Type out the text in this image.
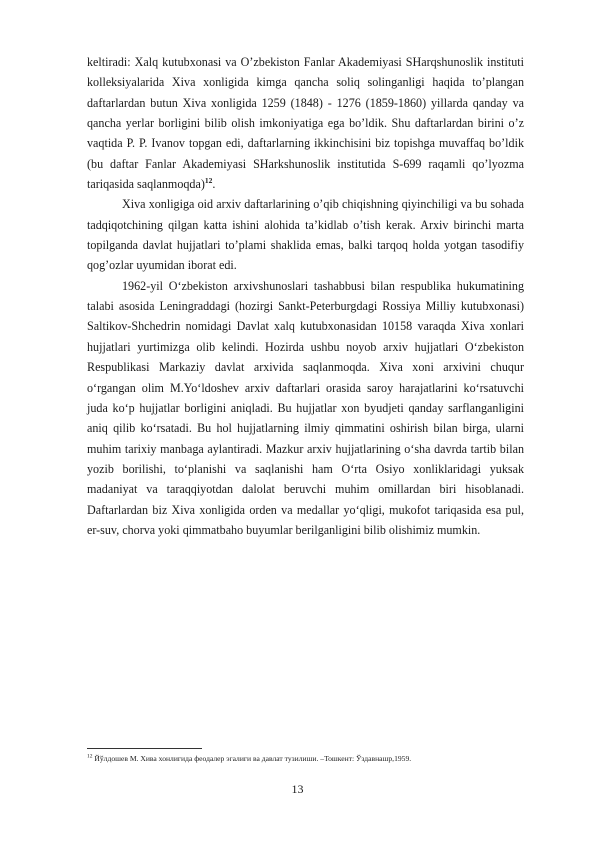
keltiradi: Xalq kutubxonasi va O’zbekiston Fanlar Akademiyasi SHarqshunoslik instituti kolleksiyalarida Xiva xonligida kimga qancha soliq solinganligi haqida to’plangan daftarlardan butun Xiva xonligida 1259 (1848) - 1276 (1859-1860) yillarda qanday va qancha yerlar borligini bilib olish imkoniyatiga ega bo’ldik. Shu daftarlardan birini o’z vaqtida P. P. Ivanov topgan edi, daftarlarning ikkinchisini biz topishga muvaffaq bo’ldik (bu daftar Fanlar Akademiyasi SHarkshunoslik institutida S-699 raqamli qo’lyozma tariqasida saqlanmoqda)$^{12}$.

Xiva xonligiga oid arxiv daftarlarining o’qib chiqishning qiyinchiligi va bu sohada tadqiqotchining qilgan katta ishini alohida ta’kidlab o’tish kerak. Arxiv birinchi marta topilganda davlat hujjatlari to’plami shaklida emas, balki tarqoq holda yotgan tasodifiy qog’ozlar uyumidan iborat edi.

1962-yil O‘zbekiston arxivshunoslari tashabbusi bilan respublika hukumatining talabi asosida Leningraddagi (hozirgi Sankt-Peterburgdagi Rossiya Milliy kutubxonasi) Saltikov-Shchedrin nomidagi Davlat xalq kutubxonasidan 10158 varaqda Xiva xonlari hujjatlari yurtimizga olib kelindi. Hozirda ushbu noyob arxiv hujjatlari O‘zbekiston Respublikasi Markaziy davlat arxivida saqlanmoqda. Xiva xoni arxivini chuqur o‘rgangan olim M.Yo‘ldoshev arxiv daftarlari orasida saroy harajatlarini ko‘rsatuvchi juda ko‘p hujjatlar borligini aniqladi. Bu hujjatlar xon byudjeti qanday sarflanganligini aniq qilib ko‘rsatadi. Bu hol hujjatlarning ilmiy qimmatini oshirish bilan birga, ularni muhim tarixiy manbaga aylantiradi. Mazkur arxiv hujjatlarining o‘sha davrda tartib bilan yozib borilishi, to‘planishi va saqlanishi ham O‘rta Osiyo xonliklaridagi yuksak madaniyat va taraqqiyotdan dalolat beruvchi muhim omillardan biri hisoblanadi. Daftarlardan biz Xiva xonligida orden va medallar yo‘qligi, mukofot tariqasida esa pul, er-suv, chorva yoki qimmatbaho buyumlar berilganligini bilib olishimiz mumkin.

$^{12}$ Йўлдошев М. Хива хонлигида феодалер эгалиги ва давлат тузилиши. –Тошкент: Ўздавнашр,1959.
13
